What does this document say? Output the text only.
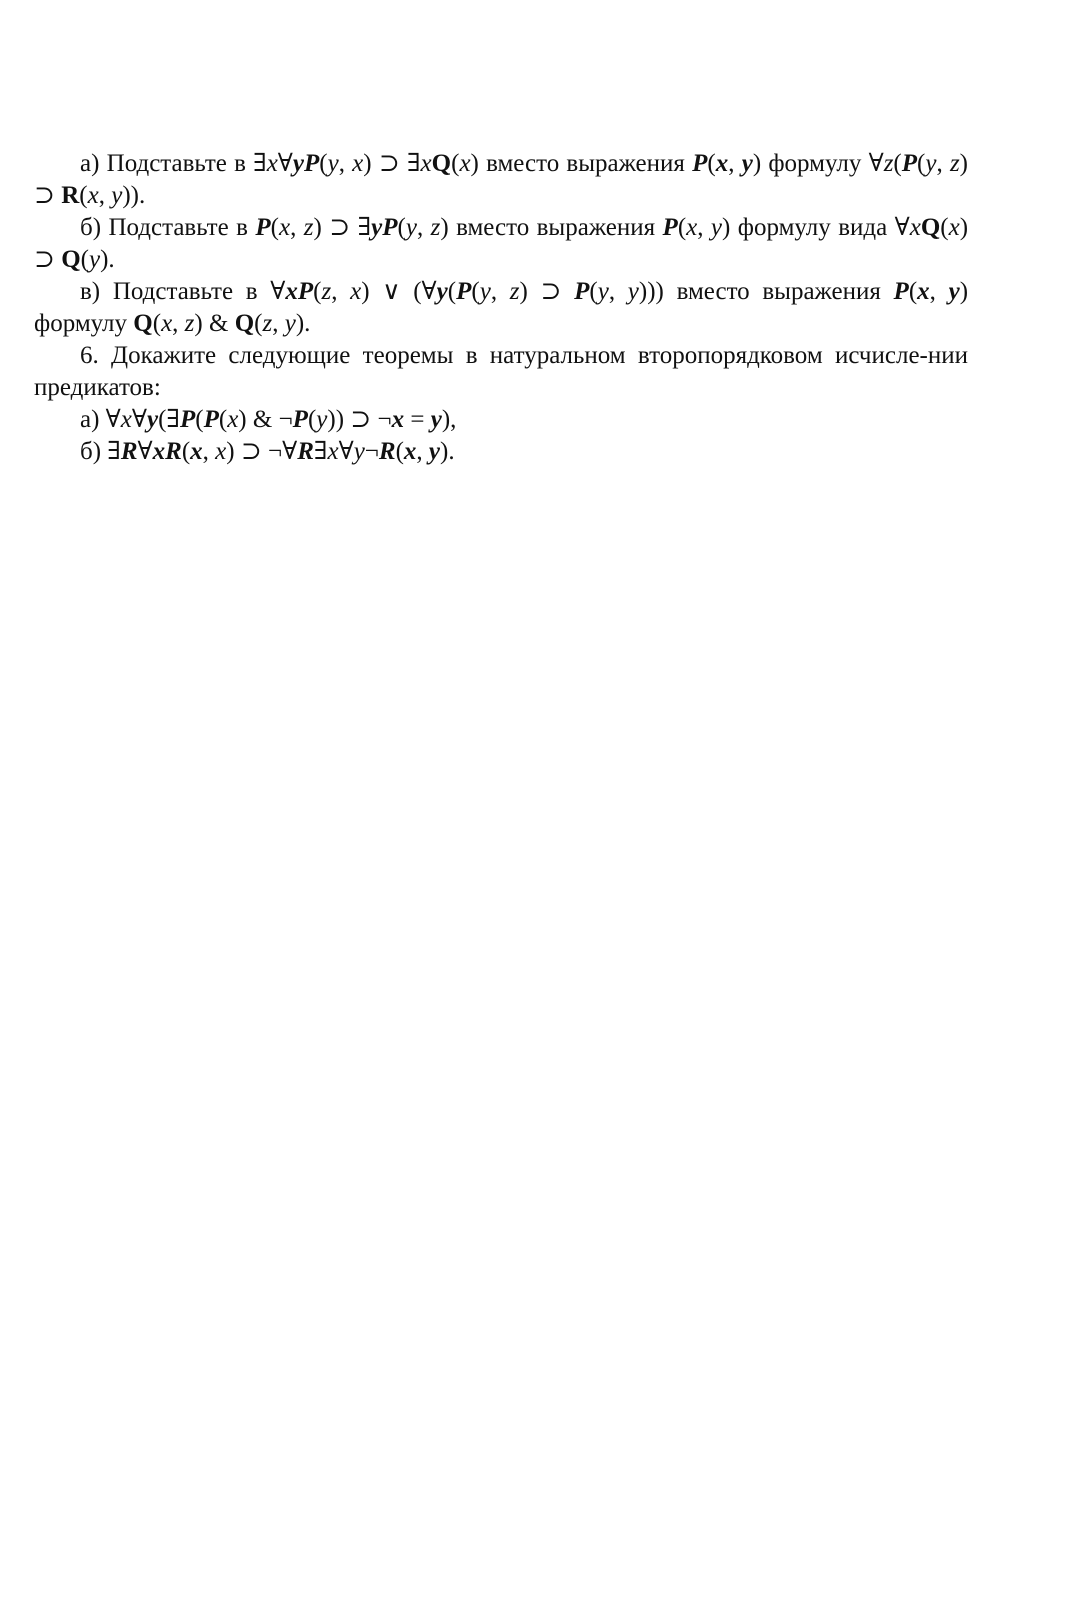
а) Подставьте в ∃x∀yP(y, x) ⊃ ∃xQ(x) вместо выражения P(x, y) формулу ∀z(P(y, z) ⊃ R(x, y)).

б) Подставьте в P(x, z) ⊃ ∃yP(y, z) вместо выражения P(x, y) формулу вида ∀xQ(x) ⊃ Q(y).

в) Подставьте в ∀xP(z, x) ∨ (∀y(P(y, z) ⊃ P(y, y))) вместо выражения P(x, y) формулу Q(x, z) & Q(z, y).

6. Докажите следующие теоремы в натуральном второпорядковом исчисле-нии предикатов:

а) ∀x∀y(∃P(P(x) & ¬P(y)) ⊃ ¬x = y),

б) ∃R∀xR(x, x) ⊃ ¬∀R∃x∀y¬R(x, y).
